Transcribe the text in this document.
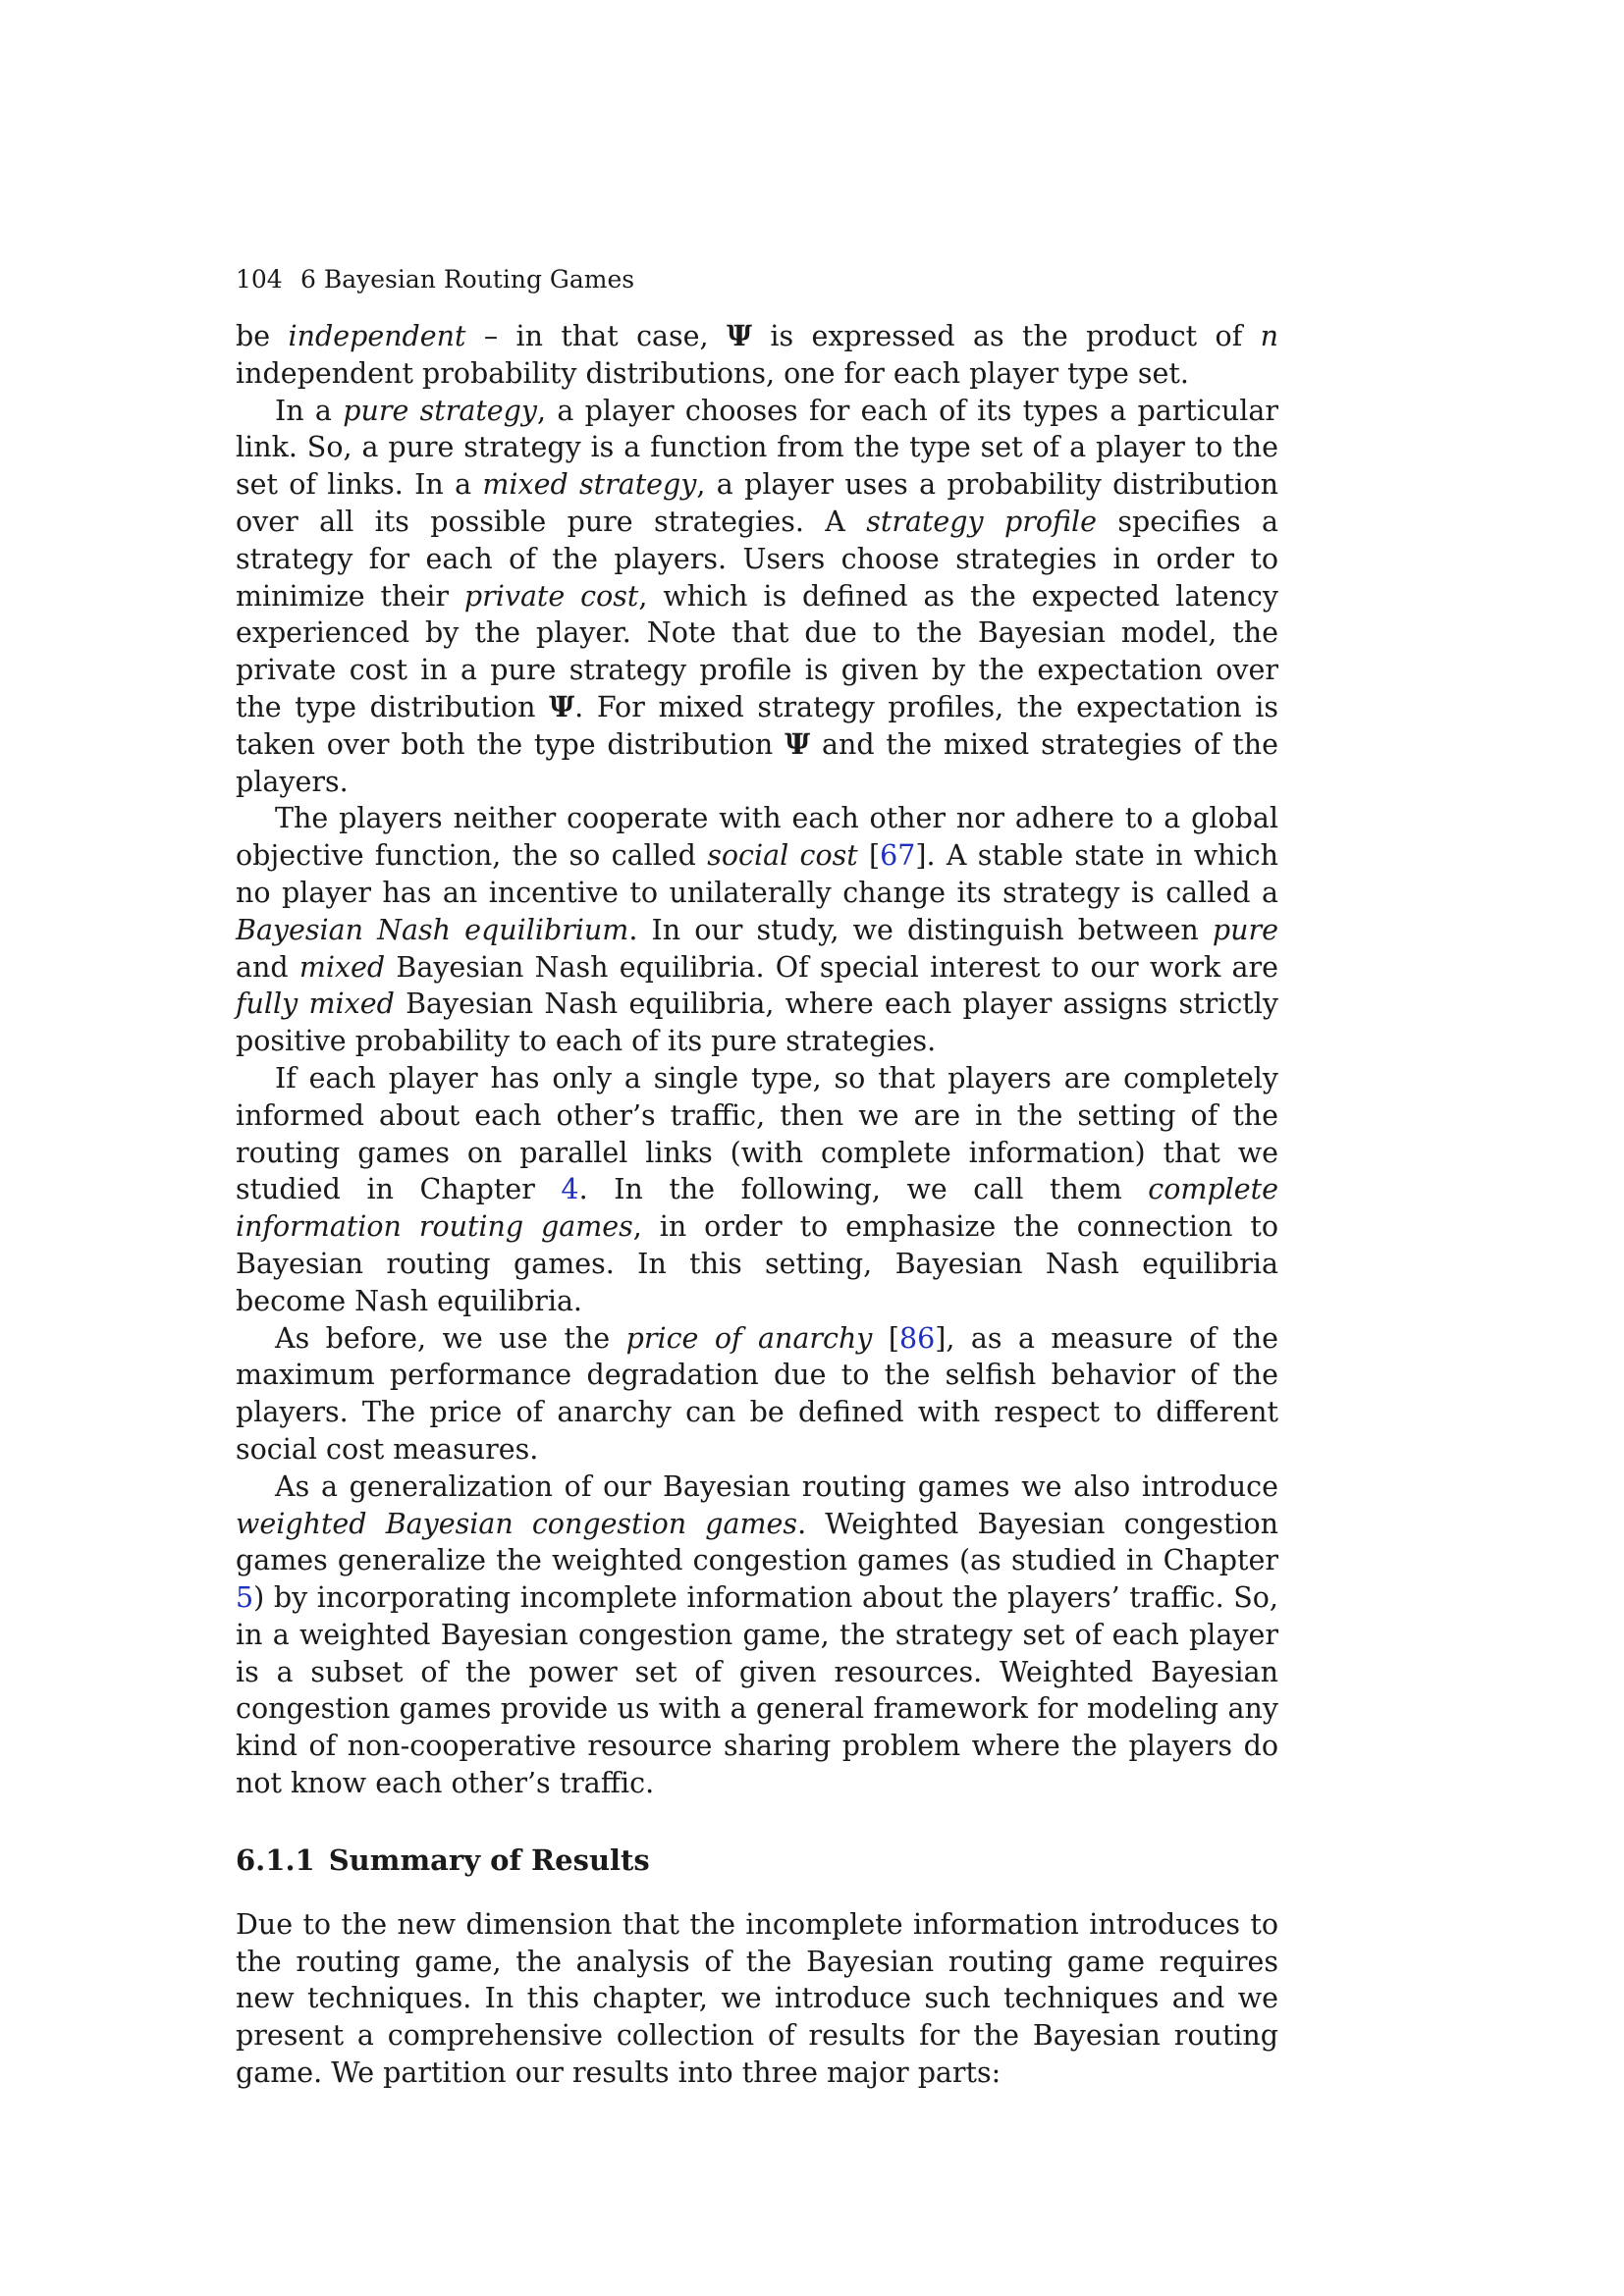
104 6 Bayesian Routing Games

be independent – in that case, Ψ is expressed as the product of n independent probability distributions, one for each player type set.

In a pure strategy, a player chooses for each of its types a particular link. So, a pure strategy is a function from the type set of a player to the set of links. In a mixed strategy, a player uses a probability distribution over all its possible pure strategies. A strategy profile specifies a strategy for each of the players. Users choose strategies in order to minimize their private cost, which is defined as the expected latency experienced by the player. Note that due to the Bayesian model, the private cost in a pure strategy profile is given by the expectation over the type distribution Ψ. For mixed strategy profiles, the expectation is taken over both the type distribution Ψ and the mixed strategies of the players.

The players neither cooperate with each other nor adhere to a global objective function, the so called social cost [67]. A stable state in which no player has an incentive to unilaterally change its strategy is called a Bayesian Nash equilibrium. In our study, we distinguish between pure and mixed Bayesian Nash equilibria. Of special interest to our work are fully mixed Bayesian Nash equilibria, where each player assigns strictly positive probability to each of its pure strategies.

If each player has only a single type, so that players are completely informed about each other’s traffic, then we are in the setting of the routing games on parallel links (with complete information) that we studied in Chapter 4. In the following, we call them complete information routing games, in order to emphasize the connection to Bayesian routing games. In this setting, Bayesian Nash equilibria become Nash equilibria.

As before, we use the price of anarchy [86], as a measure of the maximum performance degradation due to the selfish behavior of the players. The price of anarchy can be defined with respect to different social cost measures.

As a generalization of our Bayesian routing games we also introduce weighted Bayesian congestion games. Weighted Bayesian congestion games generalize the weighted congestion games (as studied in Chapter 5) by incorporating incomplete information about the players’ traffic. So, in a weighted Bayesian congestion game, the strategy set of each player is a subset of the power set of given resources. Weighted Bayesian congestion games provide us with a general framework for modeling any kind of non-cooperative resource sharing problem where the players do not know each other’s traffic.

6.1.1 Summary of Results

Due to the new dimension that the incomplete information introduces to the routing game, the analysis of the Bayesian routing game requires new techniques. In this chapter, we introduce such techniques and we present a comprehensive collection of results for the Bayesian routing game. We partition our results into three major parts:
